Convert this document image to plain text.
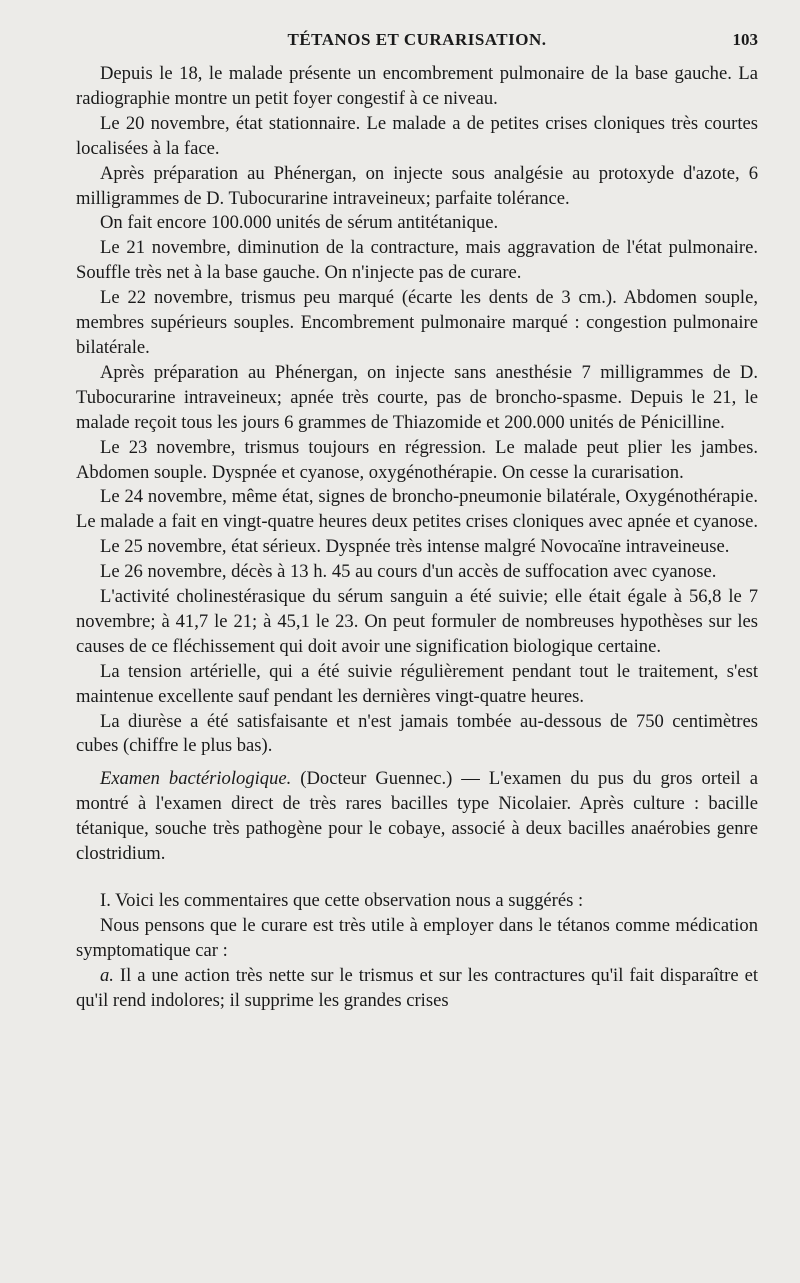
TÉTANOS ET CURARISATION.	103

Depuis le 18, le malade présente un encombrement pulmonaire de la base gauche. La radiographie montre un petit foyer congestif à ce niveau.

Le 20 novembre, état stationnaire. Le malade a de petites crises cloniques très courtes localisées à la face.

Après préparation au Phénergan, on injecte sous analgésie au protoxyde d'azote, 6 milligrammes de D. Tubocurarine intraveineux; parfaite tolérance.

On fait encore 100.000 unités de sérum antitétanique.

Le 21 novembre, diminution de la contracture, mais aggravation de l'état pulmonaire. Souffle très net à la base gauche. On n'injecte pas de curare.

Le 22 novembre, trismus peu marqué (écarte les dents de 3 cm.). Abdomen souple, membres supérieurs souples. Encombrement pulmonaire marqué : congestion pulmonaire bilatérale.

Après préparation au Phénergan, on injecte sans anesthésie 7 milligrammes de D. Tubocurarine intraveineux; apnée très courte, pas de broncho-spasme. Depuis le 21, le malade reçoit tous les jours 6 grammes de Thiazomide et 200.000 unités de Pénicilline.

Le 23 novembre, trismus toujours en régression. Le malade peut plier les jambes. Abdomen souple. Dyspnée et cyanose, oxygénothérapie. On cesse la curarisation.

Le 24 novembre, même état, signes de broncho-pneumonie bilatérale, Oxygénothérapie. Le malade a fait en vingt-quatre heures deux petites crises cloniques avec apnée et cyanose.

Le 25 novembre, état sérieux. Dyspnée très intense malgré Novocaïne intraveineuse.

Le 26 novembre, décès à 13 h. 45 au cours d'un accès de suffocation avec cyanose.

L'activité cholinestérasique du sérum sanguin a été suivie; elle était égale à 56,8 le 7 novembre; à 41,7 le 21; à 45,1 le 23. On peut formuler de nombreuses hypothèses sur les causes de ce fléchissement qui doit avoir une signification biologique certaine.

La tension artérielle, qui a été suivie régulièrement pendant tout le traitement, s'est maintenue excellente sauf pendant les dernières vingt-quatre heures.

La diurèse a été satisfaisante et n'est jamais tombée au-dessous de 750 centimètres cubes (chiffre le plus bas).

Examen bactériologique. (Docteur Guennec.) — L'examen du pus du gros orteil a montré à l'examen direct de très rares bacilles type Nicolaier. Après culture : bacille tétanique, souche très pathogène pour le cobaye, associé à deux bacilles anaérobies genre clostridium.

I. Voici les commentaires que cette observation nous a suggérés :

Nous pensons que le curare est très utile à employer dans le tétanos comme médication symptomatique car :

a. Il a une action très nette sur le trismus et sur les contractures qu'il fait disparaître et qu'il rend indolores; il supprime les grandes crises
